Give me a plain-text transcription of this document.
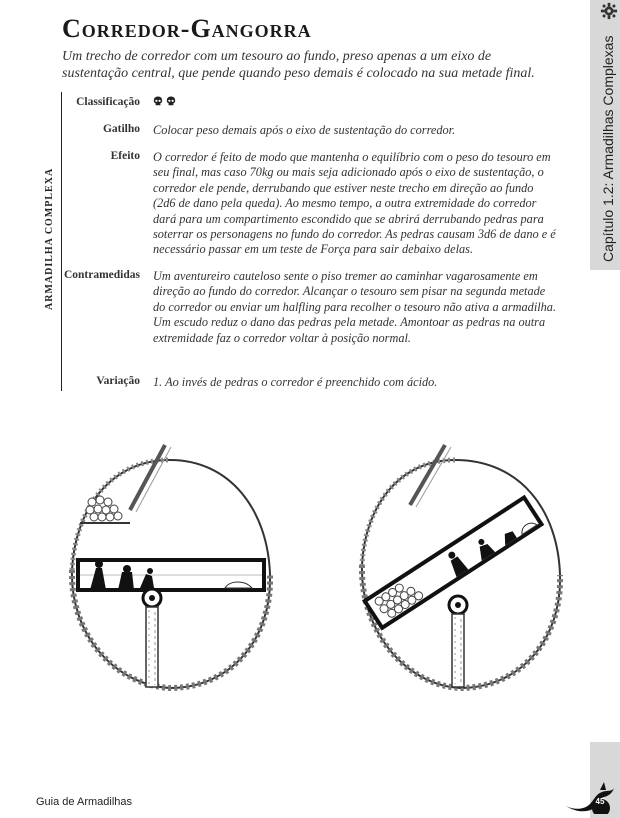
Capítulo 1.2: Armadilhas Complexas
Corredor-Gangorra

Um trecho de corredor com um tesouro ao fundo, preso apenas a um eixo de sustentação central, que pende quando peso demais é colocado na sua metade final.

ARMADILHA COMPLEXA
Classificação
Gatilho Colocar peso demais após o eixo de sustentação do corredor.
Efeito O corredor é feito de modo que mantenha o equilíbrio com o peso do tesouro em seu final, mas caso 70kg ou mais seja adicionado após o eixo de sustentação, o corredor ele pende, derrubando que estiver neste trecho em direção ao fundo (2d6 de dano pela queda). Ao mesmo tempo, a outra extremidade do corredor dará para um compartimento escondido que se abrirá derrubando pedras para soterrar os personagens no fundo do corredor. As pedras causam 3d6 de dano e é necessário passar em um teste de Força para sair debaixo delas.
Contramedidas Um aventureiro cauteloso sente o piso tremer ao caminhar vagarosamente em direção ao fundo do corredor. Alcançar o tesouro sem pisar na segunda metade do corredor ou enviar um halfling para recolher o tesouro não ativa a armadilha. Um escudo reduz o dano das pedras pela metade. Amontoar as pedras na outra extremidade faz o corredor voltar à posição normal.
Variação 1. Ao invés de pedras o corredor é preenchido com ácido.
Guia de Armadilhas	45
